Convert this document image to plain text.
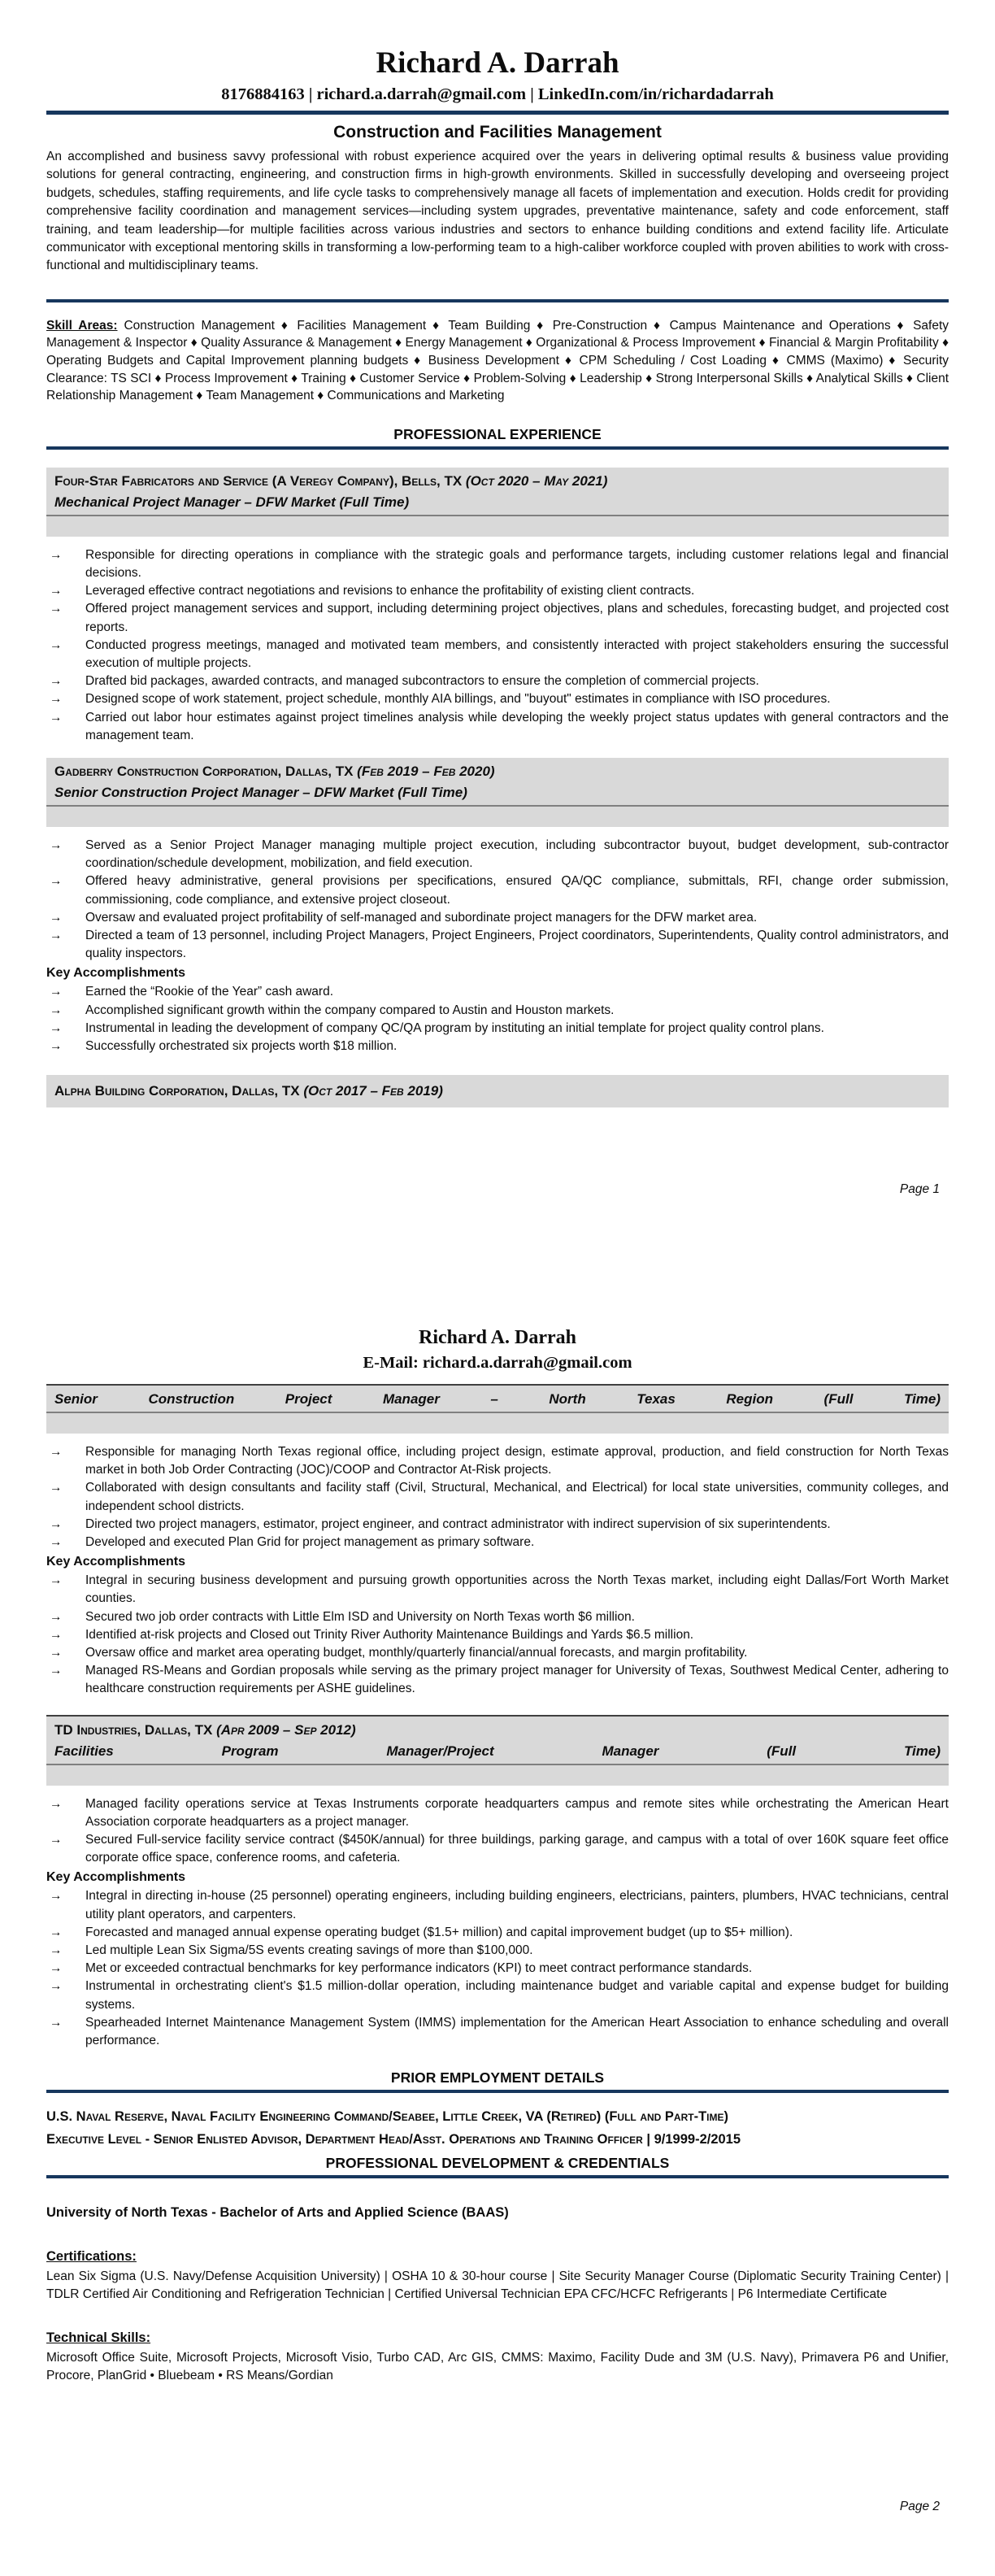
Richard A. Darrah
8176884163 | richard.a.darrah@gmail.com | LinkedIn.com/in/richardadarrah
Construction and Facilities Management

An accomplished and business savvy professional with robust experience acquired over the years in delivering optimal results & business value providing solutions for general contracting, engineering, and construction firms in high-growth environments. Skilled in successfully developing and overseeing project budgets, schedules, staffing requirements, and life cycle tasks to comprehensively manage all facets of implementation and execution. Holds credit for providing comprehensive facility coordination and management services—including system upgrades, preventative maintenance, safety and code enforcement, staff training, and team leadership—for multiple facilities across various industries and sectors to enhance building conditions and extend facility life. Articulate communicator with exceptional mentoring skills in transforming a low-performing team to a high-caliber workforce coupled with proven abilities to work with cross-functional and multidisciplinary teams.

Skill Areas: Construction Management ♦ Facilities Management ♦ Team Building ♦ Pre-Construction ♦ Campus Maintenance and Operations ♦ Safety Management & Inspector ♦ Quality Assurance & Management ♦ Energy Management ♦ Organizational & Process Improvement ♦ Financial & Margin Profitability ♦ Operating Budgets and Capital Improvement planning budgets ♦ Business Development ♦ CPM Scheduling / Cost Loading ♦ CMMS (Maximo) ♦ Security Clearance: TS SCI ♦ Process Improvement ♦ Training ♦ Customer Service ♦ Problem-Solving ♦ Leadership ♦ Strong Interpersonal Skills ♦ Analytical Skills ♦ Client Relationship Management ♦ Team Management ♦ Communications and Marketing

PROFESSIONAL EXPERIENCE
Four-Star Fabricators and Service (A Veregy Company), Bells, TX (Oct 2020 – May 2021)
Mechanical Project Manager – DFW Market (Full Time)
→ Responsible for directing operations in compliance with the strategic goals and performance targets, including customer relations legal and financial decisions.
→ Leveraged effective contract negotiations and revisions to enhance the profitability of existing client contracts.
→ Offered project management services and support, including determining project objectives, plans and schedules, forecasting budget, and projected cost reports.
→ Conducted progress meetings, managed and motivated team members, and consistently interacted with project stakeholders ensuring the successful execution of multiple projects.
→ Drafted bid packages, awarded contracts, and managed subcontractors to ensure the completion of commercial projects.
→ Designed scope of work statement, project schedule, monthly AIA billings, and "buyout" estimates in compliance with ISO procedures.
→ Carried out labor hour estimates against project timelines analysis while developing the weekly project status updates with general contractors and the management team.
Gadberry Construction Corporation, Dallas, TX (Feb 2019 – Feb 2020)
Senior Construction Project Manager – DFW Market (Full Time)
→ Served as a Senior Project Manager managing multiple project execution, including subcontractor buyout, budget development, sub-contractor coordination/schedule development, mobilization, and field execution.
→ Offered heavy administrative, general provisions per specifications, ensured QA/QC compliance, submittals, RFI, change order submission, commissioning, code compliance, and extensive project closeout.
→ Oversaw and evaluated project profitability of self-managed and subordinate project managers for the DFW market area.
→ Directed a team of 13 personnel, including Project Managers, Project Engineers, Project coordinators, Superintendents, Quality control administrators, and quality inspectors.
Key Accomplishments
→ Earned the “Rookie of the Year” cash award.
→ Accomplished significant growth within the company compared to Austin and Houston markets.
→ Instrumental in leading the development of company QC/QA program by instituting an initial template for project quality control plans.
→ Successfully orchestrated six projects worth $18 million.
Alpha Building Corporation, Dallas, TX (Oct 2017 – Feb 2019)
Page 1
Richard A. Darrah
E-Mail: richard.a.darrah@gmail.com
Senior Construction Project Manager – North Texas Region (Full Time)
→ Responsible for managing North Texas regional office, including project design, estimate approval, production, and field construction for North Texas market in both Job Order Contracting (JOC)/COOP and Contractor At-Risk projects.
→ Collaborated with design consultants and facility staff (Civil, Structural, Mechanical, and Electrical) for local state universities, community colleges, and independent school districts.
→ Directed two project managers, estimator, project engineer, and contract administrator with indirect supervision of six superintendents.
→ Developed and executed Plan Grid for project management as primary software.
Key Accomplishments
→ Integral in securing business development and pursuing growth opportunities across the North Texas market, including eight Dallas/Fort Worth Market counties.
→ Secured two job order contracts with Little Elm ISD and University on North Texas worth $6 million.
→ Identified at-risk projects and Closed out Trinity River Authority Maintenance Buildings and Yards $6.5 million.
→ Oversaw office and market area operating budget, monthly/quarterly financial/annual forecasts, and margin profitability.
→ Managed RS-Means and Gordian proposals while serving as the primary project manager for University of Texas, Southwest Medical Center, adhering to healthcare construction requirements per ASHE guidelines.
TD Industries, Dallas, TX (Apr 2009 – Sep 2012)
Facilities Program Manager/Project Manager (Full Time)
→ Managed facility operations service at Texas Instruments corporate headquarters campus and remote sites while orchestrating the American Heart Association corporate headquarters as a project manager.
→ Secured Full-service facility service contract ($450K/annual) for three buildings, parking garage, and campus with a total of over 160K square feet office corporate office space, conference rooms, and cafeteria.
Key Accomplishments
→ Integral in directing in-house (25 personnel) operating engineers, including building engineers, electricians, painters, plumbers, HVAC technicians, central utility plant operators, and carpenters.
→ Forecasted and managed annual expense operating budget ($1.5+ million) and capital improvement budget (up to $5+ million).
→ Led multiple Lean Six Sigma/5S events creating savings of more than $100,000.
→ Met or exceeded contractual benchmarks for key performance indicators (KPI) to meet contract performance standards.
→ Instrumental in orchestrating client's $1.5 million-dollar operation, including maintenance budget and variable capital and expense budget for building systems.
→ Spearheaded Internet Maintenance Management System (IMMS) implementation for the American Heart Association to enhance scheduling and overall performance.
PRIOR EMPLOYMENT DETAILS
U.S. Naval Reserve, Naval Facility Engineering Command/Seabee, Little Creek, VA (Retired) (Full and Part-Time)
Executive Level - Senior Enlisted Advisor, Department Head/Asst. Operations and Training Officer | 9/1999-2/2015
PROFESSIONAL DEVELOPMENT & CREDENTIALS
University of North Texas - Bachelor of Arts and Applied Science (BAAS)
Certifications:
Lean Six Sigma (U.S. Navy/Defense Acquisition University) | OSHA 10 & 30-hour course | Site Security Manager Course (Diplomatic Security Training Center) | TDLR Certified Air Conditioning and Refrigeration Technician | Certified Universal Technician EPA CFC/HCFC Refrigerants | P6 Intermediate Certificate
Technical Skills:
Microsoft Office Suite, Microsoft Projects, Microsoft Visio, Turbo CAD, Arc GIS, CMMS: Maximo, Facility Dude and 3M (U.S. Navy), Primavera P6 and Unifier, Procore, PlanGrid • Bluebeam • RS Means/Gordian
Page 2
